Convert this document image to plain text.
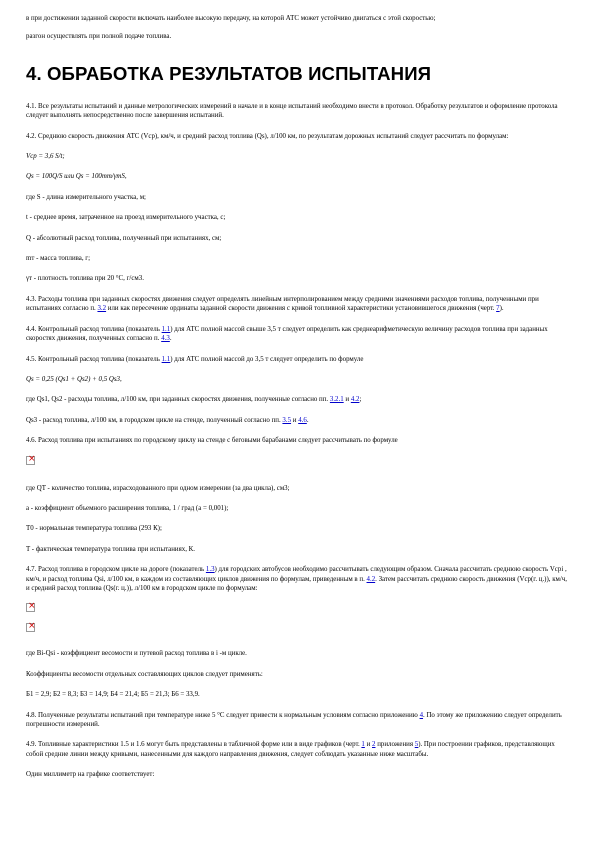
в при достижении заданной скорости включать наиболее высокую передачу, на которой АТС может устойчиво двигаться с этой скоростью;

разгон осуществлять при полной подаче топлива.

4. ОБРАБОТКА РЕЗУЛЬТАТОВ ИСПЫТАНИЯ

4.1. Все результаты испытаний и данные метрологических измерений в начале и в конце испытаний необходимо внести в протокол. Обработку результатов и оформление протокола следует выполнять непосредственно после завершения испытаний.

4.2. Среднюю скорость движения АТС (Vср), км/ч, и средний расход топлива (Qs), л/100 км, по результатам дорожных испытаний следует рассчитать по формулам:

Vср = 3,6 S/t;

Qs = 100Q/S или Qs = 100mт/γтS,

где S - длина измерительного участка, м;

t - среднее время, затраченное на проезд измерительного участка, с;

Q - абсолютный расход топлива, полученный при испытаниях, см;

mт - масса топлива, г;

γт - плотность топлива при 20 °С, г/см3.

4.3. Расходы топлива при заданных скоростях движения следует определять линейным интерполированием между средними значениями расходов топлива, полученными при испытаниях согласно п. 3.2 или как пересечение ординаты заданной скорости движения с кривой топливной характеристики установившегося движения (черт. 7).

4.4. Контрольный расход топлива (показатель 1.1) для АТС полной массой свыше 3,5 т следует определить как среднеарифметическую величину расходов топлива при заданных скоростях движения, полученных согласно п. 4.3.

4.5. Контрольный расход топлива (показатель 1.1) для АТС полной массой до 3,5 т следует определить по формуле

Qs = 0,25 (Qs1 + Qs2) + 0,5 Qs3,

где Qs1, Qs2 - расходы топлива, л/100 км, при заданных скоростях движения, полученные согласно пп. 3.2.1 и 4.2;

Qs3 - расход топлива, л/100 км, в городском цикле на стенде, полученный согласно пп. 3.5 и 4.6.

4.6. Расход топлива при испытаниях по городскому циклу на стенде с беговыми барабанами следует рассчитывать по формуле

×

где QT - количество топлива, израсходованного при одном измерении (за два цикла), см3;

a - коэффициент объемного расширения топлива, 1 / град (a = 0,001);

T0 - нормальная температура топлива (293 К);

T - фактическая температура топлива при испытаниях, К.

4.7. Расход топлива в городском цикле на дороге (показатель 1.3) для городских автобусов необходимо рассчитывать следующим образом. Сначала рассчитать среднюю скорость Vсрi , км/ч, и расход топлива Qsi, л/100 км, в каждом из составляющих циклов движения по формулам, приведенным в п. 4.2. Затем рассчитать среднюю скорость движения (Vср(г. ц.)), км/ч, и средний расход топлива (Qs(г. ц.)), л/100 км в городском цикле по формулам:

×
×

где Bi-Qsi - коэффициент весомости и путевой расход топлива в i -м цикле.

Коэффициенты весомости отдельных составляющих циклов следует применять:

Б1 = 2,9; Б2 = 8,3; Б3 = 14,9; Б4 = 21,4; Б5 = 21,3; Б6 = 33,9.

4.8. Полученные результаты испытаний при температуре ниже 5 °С следует привести к нормальным условиям согласно приложению 4. По этому же приложению следует определить погрешности измерений.

4.9. Топливные характеристики 1.5 и 1.6 могут быть представлены в табличной форме или в виде графиков (черт. 1 и 2 приложения 5). При построении графиков, представляющих собой средние линии между кривыми, нанесенными для каждого направления движения, следует соблюдать указанные ниже масштабы.

Один миллиметр на графике соответствует:
